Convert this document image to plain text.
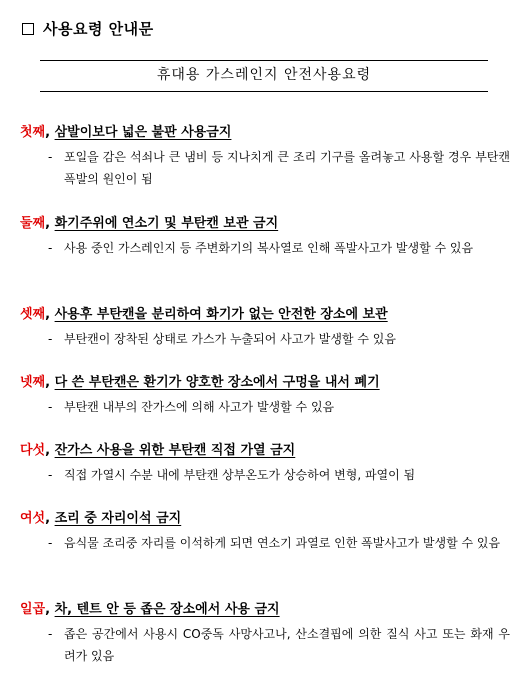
사용요령 안내문
휴대용 가스레인지 안전사용요령
첫째, 삼발이보다 넓은 불판 사용금지
- 포일을 감은 석쇠나 큰 냄비 등 지나치게 큰 조리 기구를 올려놓고 사용할 경우 부탄캔 폭발의 원인이 됨
둘째, 화기주위에 연소기 및 부탄캔 보관 금지
- 사용 중인 가스레인지 등 주변화기의 복사열로 인해 폭발사고가 발생할 수 있음
셋째, 사용후 부탄캔을 분리하여 화기가 없는 안전한 장소에 보관
- 부탄캔이 장착된 상태로 가스가 누출되어 사고가 발생할 수 있음
넷째, 다 쓴 부탄캔은 환기가 양호한 장소에서 구멍을 내서 폐기
- 부탄캔 내부의 잔가스에 의해 사고가 발생할 수 있음
다섯, 잔가스 사용을 위한 부탄캔 직접 가열 금지
- 직접 가열시 수분 내에 부탄캔 상부온도가 상승하여 변형, 파열이 됨
여섯, 조리 중 자리이석 금지
- 음식물 조리중 자리를 이석하게 되면 연소기 과열로 인한 폭발사고가 발생할 수 있음
일곱, 차, 텐트 안 등 좁은 장소에서 사용 금지
- 좁은 공간에서 사용시 CO중독 사망사고나, 산소결핍에 의한 질식 사고 또는 화재 우려가 있음
